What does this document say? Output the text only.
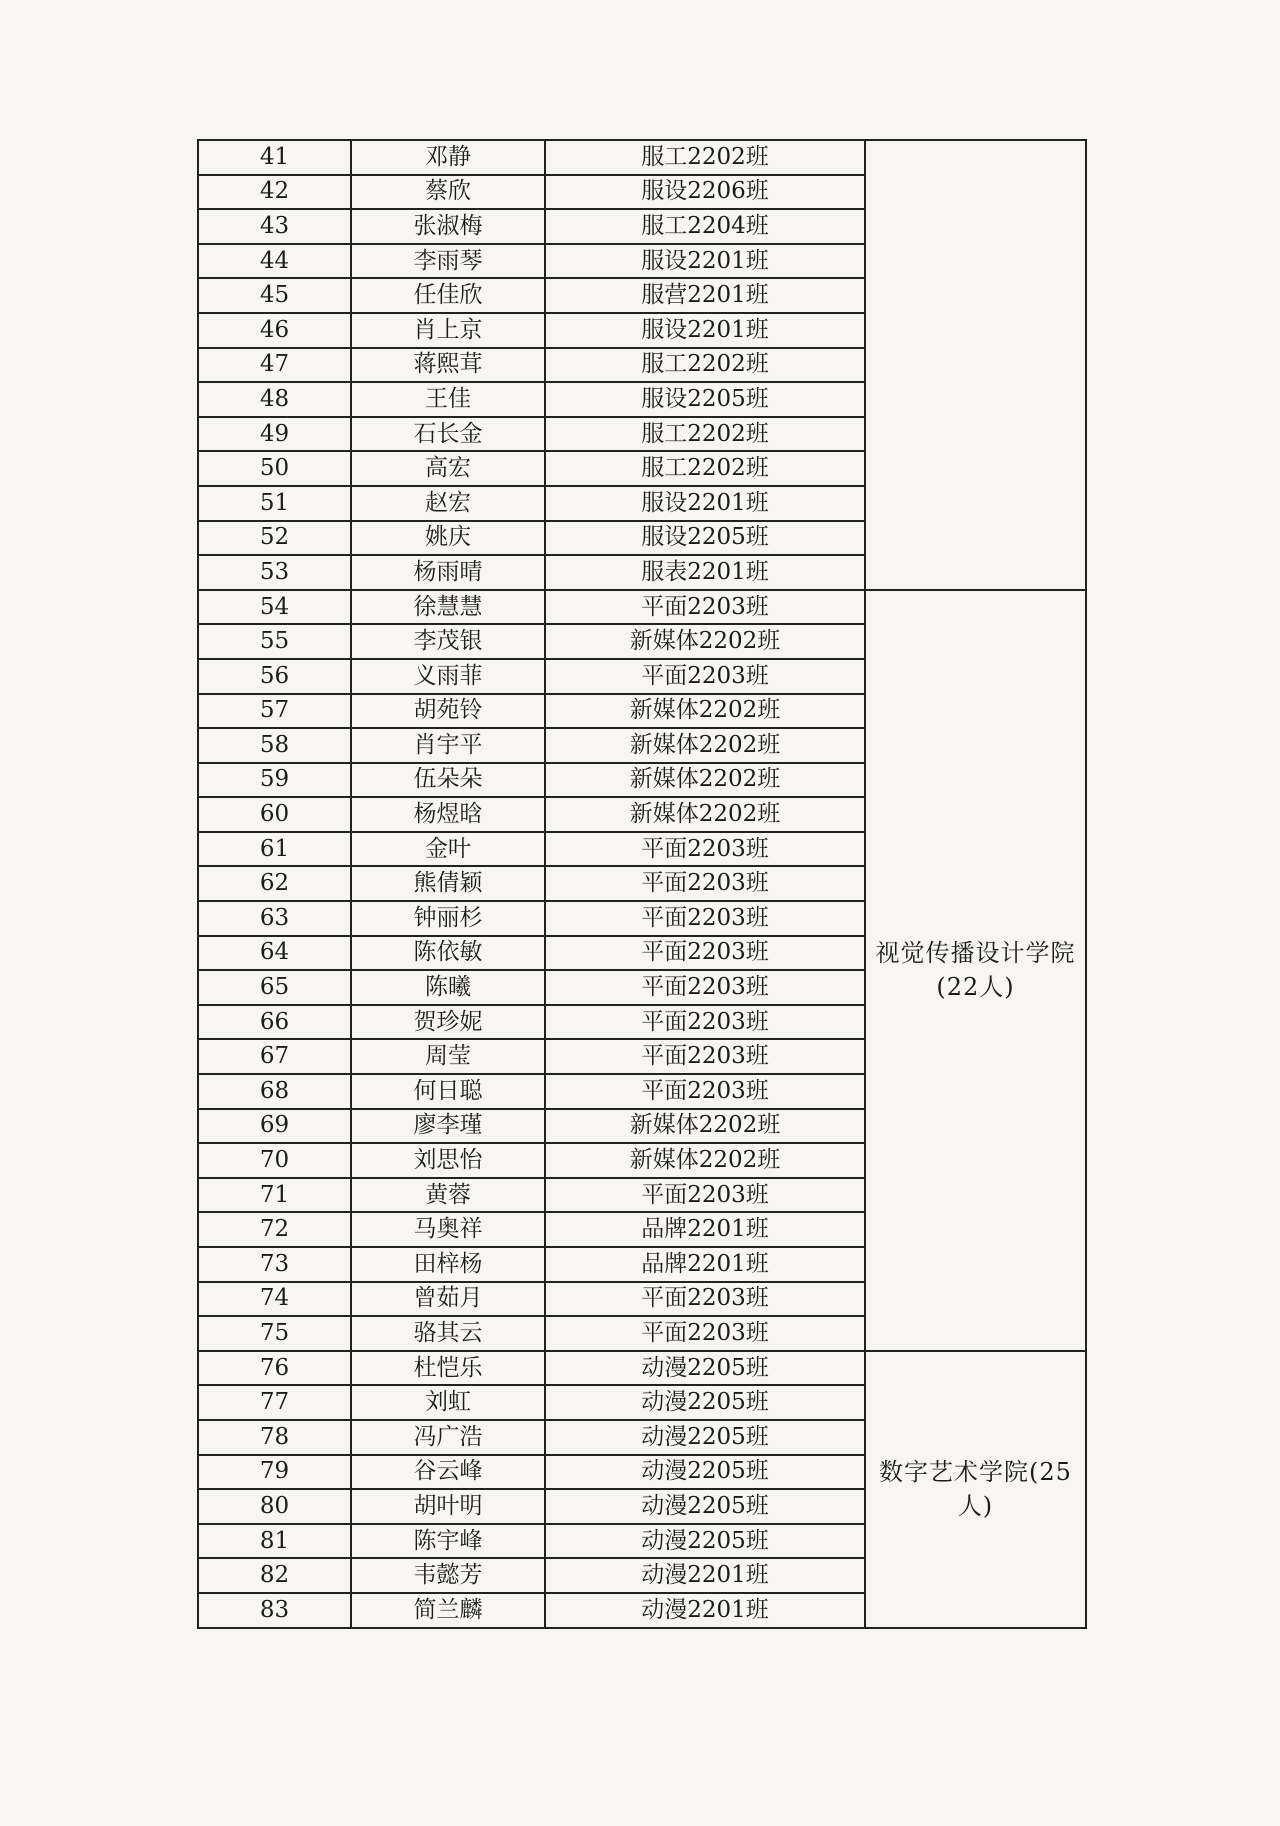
41	邓静	服工2202班	
42	蔡欣	服设2206班	
43	张淑梅	服工2204班	
44	李雨琴	服设2201班	
45	任佳欣	服营2201班	
46	肖上京	服设2201班	
47	蒋熙茸	服工2202班	
48	王佳	服设2205班	
49	石长金	服工2202班	
50	高宏	服工2202班	
51	赵宏	服设2201班	
52	姚庆	服设2205班	
53	杨雨晴	服表2201班	
54	徐慧慧	平面2203班	视觉传播设计学院(22人)
55	李茂银	新媒体2202班	
56	义雨菲	平面2203班	
57	胡苑铃	新媒体2202班	
58	肖宇平	新媒体2202班	
59	伍朵朵	新媒体2202班	
60	杨煜晗	新媒体2202班	
61	金叶	平面2203班	
62	熊倩颖	平面2203班	
63	钟丽杉	平面2203班	
64	陈依敏	平面2203班	
65	陈曦	平面2203班	
66	贺珍妮	平面2203班	
67	周莹	平面2203班	
68	何日聪	平面2203班	
69	廖李瑾	新媒体2202班	
70	刘思怡	新媒体2202班	
71	黄蓉	平面2203班	
72	马奥祥	品牌2201班	
73	田梓杨	品牌2201班	
74	曾茹月	平面2203班	
75	骆其云	平面2203班	
76	杜恺乐	动漫2205班	数字艺术学院(25人)
77	刘虹	动漫2205班	
78	冯广浩	动漫2205班	
79	谷云峰	动漫2205班	
80	胡叶明	动漫2205班	
81	陈宇峰	动漫2205班	
82	韦懿芳	动漫2201班	
83	简兰麟	动漫2201班	
